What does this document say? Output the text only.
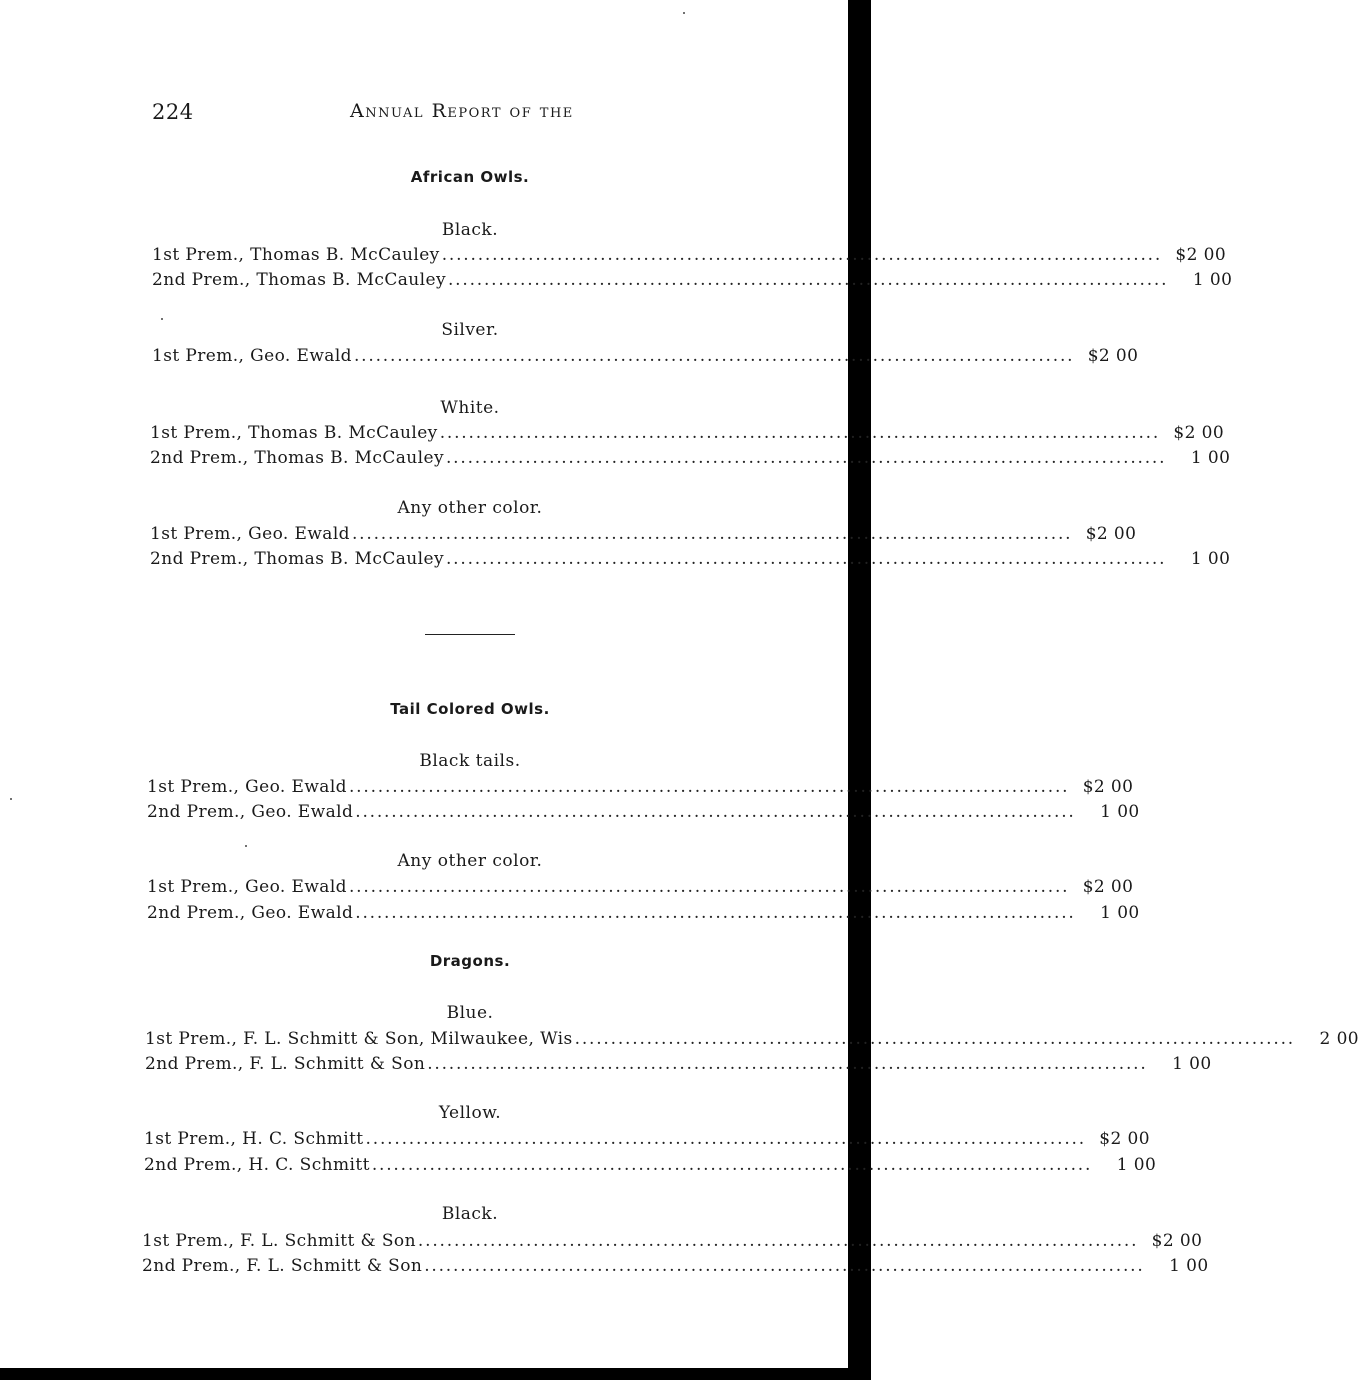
224	Annual Report of the
African Owls.
Black.
1st Prem., Thomas B. McCauley .................................................................................................... $2 00
2nd Prem., Thomas B. McCauley ....................................................................................................	1 00
Silver.
1st Prem., Geo. Ewald .................................................................................................... $2 00
White.
1st Prem., Thomas B. McCauley .................................................................................................... $2 00
2nd Prem., Thomas B. McCauley ....................................................................................................	1 00
Any other color.
1st Prem., Geo. Ewald .................................................................................................... $2 00
2nd Prem., Thomas B. McCauley ....................................................................................................	1 00
Tail Colored Owls.
Black tails.
1st Prem., Geo. Ewald .................................................................................................... $2 00
2nd Prem., Geo. Ewald ....................................................................................................	1 00
Any other color.
1st Prem., Geo. Ewald .................................................................................................... $2 00
2nd Prem., Geo. Ewald ....................................................................................................	1 00
Dragons.
Blue.
1st Prem., F. L. Schmitt & Son, Milwaukee, Wis ....................................................................................................	2 00
2nd Prem., F. L. Schmitt & Son ....................................................................................................	1 00
Yellow.
1st Prem., H. C. Schmitt .................................................................................................... $2 00
2nd Prem., H. C. Schmitt ....................................................................................................	1 00
Black.
1st Prem., F. L. Schmitt & Son .................................................................................................... $2 00
2nd Prem., F. L. Schmitt & Son ....................................................................................................	1 00
